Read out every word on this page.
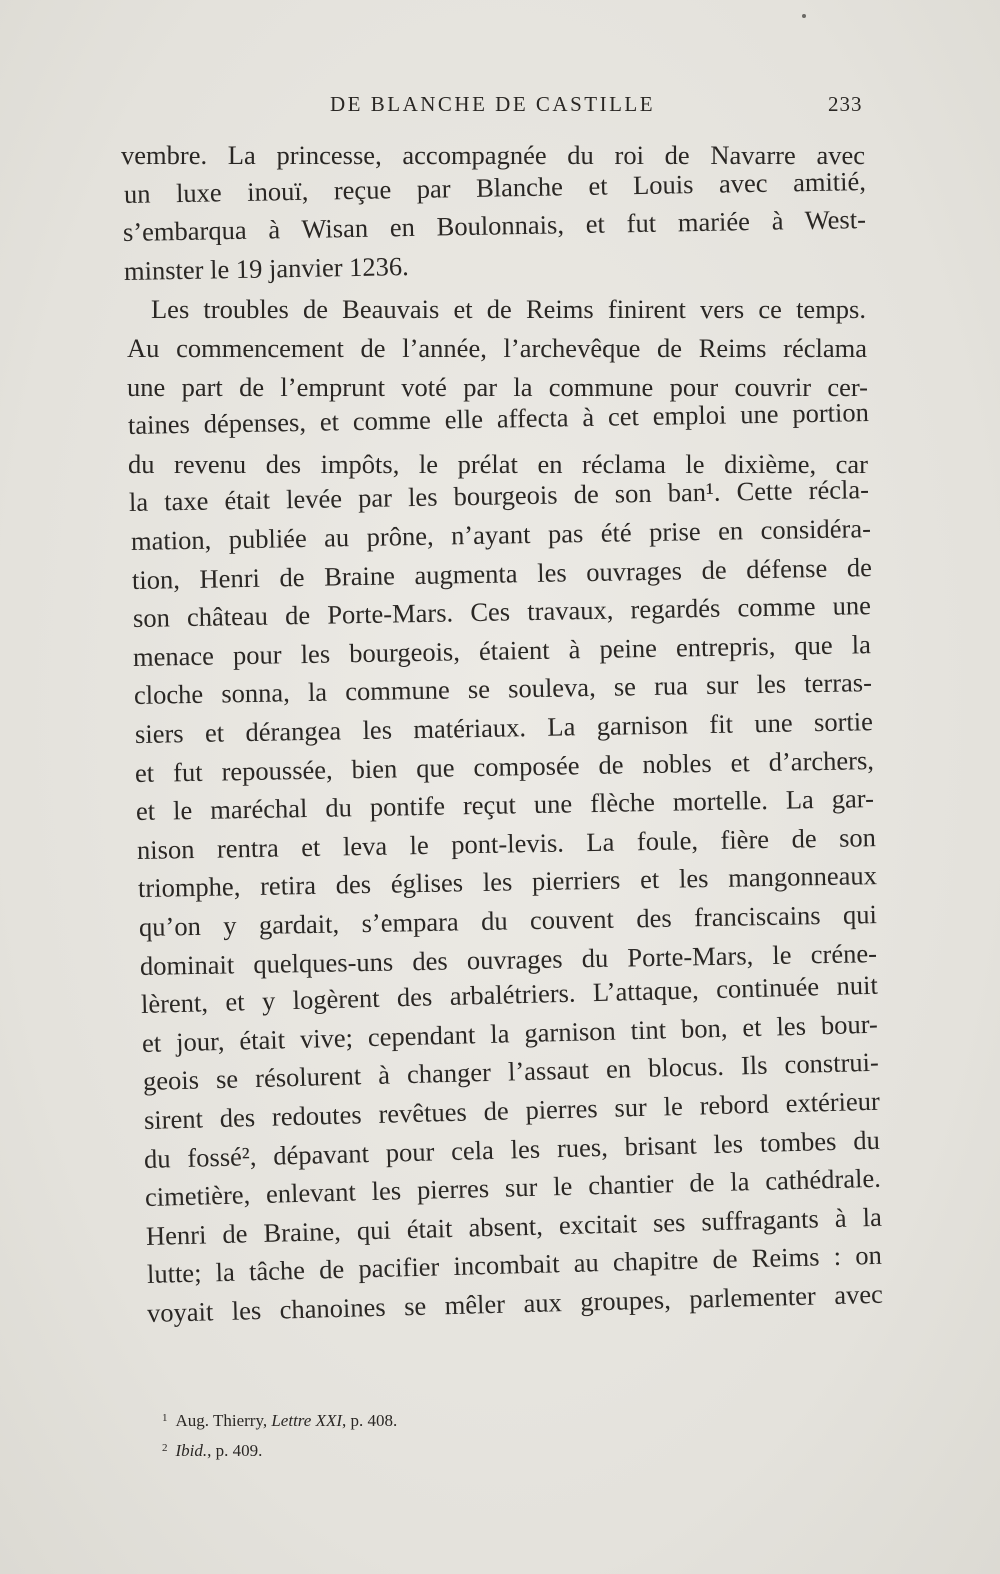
DE BLANCHE DE CASTILLE	233
vembre. La princesse, accompagnée du roi de Navarre avec
un luxe inouï, reçue par Blanche et Louis avec amitié,
s’embarqua à Wisan en Boulonnais, et fut mariée à West-
minster le 19 janvier 1236.
Les troubles de Beauvais et de Reims finirent vers ce temps.
Au commencement de l’année, l’archevêque de Reims réclama
une part de l’emprunt voté par la commune pour couvrir cer-
taines dépenses, et comme elle affecta à cet emploi une portion
du revenu des impôts, le prélat en réclama le dixième, car
la taxe était levée par les bourgeois de son ban¹. Cette récla-
mation, publiée au prône, n’ayant pas été prise en considéra-
tion, Henri de Braine augmenta les ouvrages de défense de
son château de Porte-Mars. Ces travaux, regardés comme une
menace pour les bourgeois, étaient à peine entrepris, que la
cloche sonna, la commune se souleva, se rua sur les terras-
siers et dérangea les matériaux. La garnison fit une sortie
et fut repoussée, bien que composée de nobles et d’archers,
et le maréchal du pontife reçut une flèche mortelle. La gar-
nison rentra et leva le pont-levis. La foule, fière de son
triomphe, retira des églises les pierriers et les mangonneaux
qu’on y gardait, s’empara du couvent des franciscains qui
dominait quelques-uns des ouvrages du Porte-Mars, le créne-
lèrent, et y logèrent des arbalétriers. L’attaque, continuée nuit
et jour, était vive; cependant la garnison tint bon, et les bour-
geois se résolurent à changer l’assaut en blocus. Ils construi-
sirent des redoutes revêtues de pierres sur le rebord extérieur
du fossé², dépavant pour cela les rues, brisant les tombes du
cimetière, enlevant les pierres sur le chantier de la cathédrale.
Henri de Braine, qui était absent, excitait ses suffragants à la
lutte; la tâche de pacifier incombait au chapitre de Reims : on
voyait les chanoines se mêler aux groupes, parlementer avec
$^1$ Aug. Thierry, Lettre XXI, p. 408.
$^2$ Ibid., p. 409.
